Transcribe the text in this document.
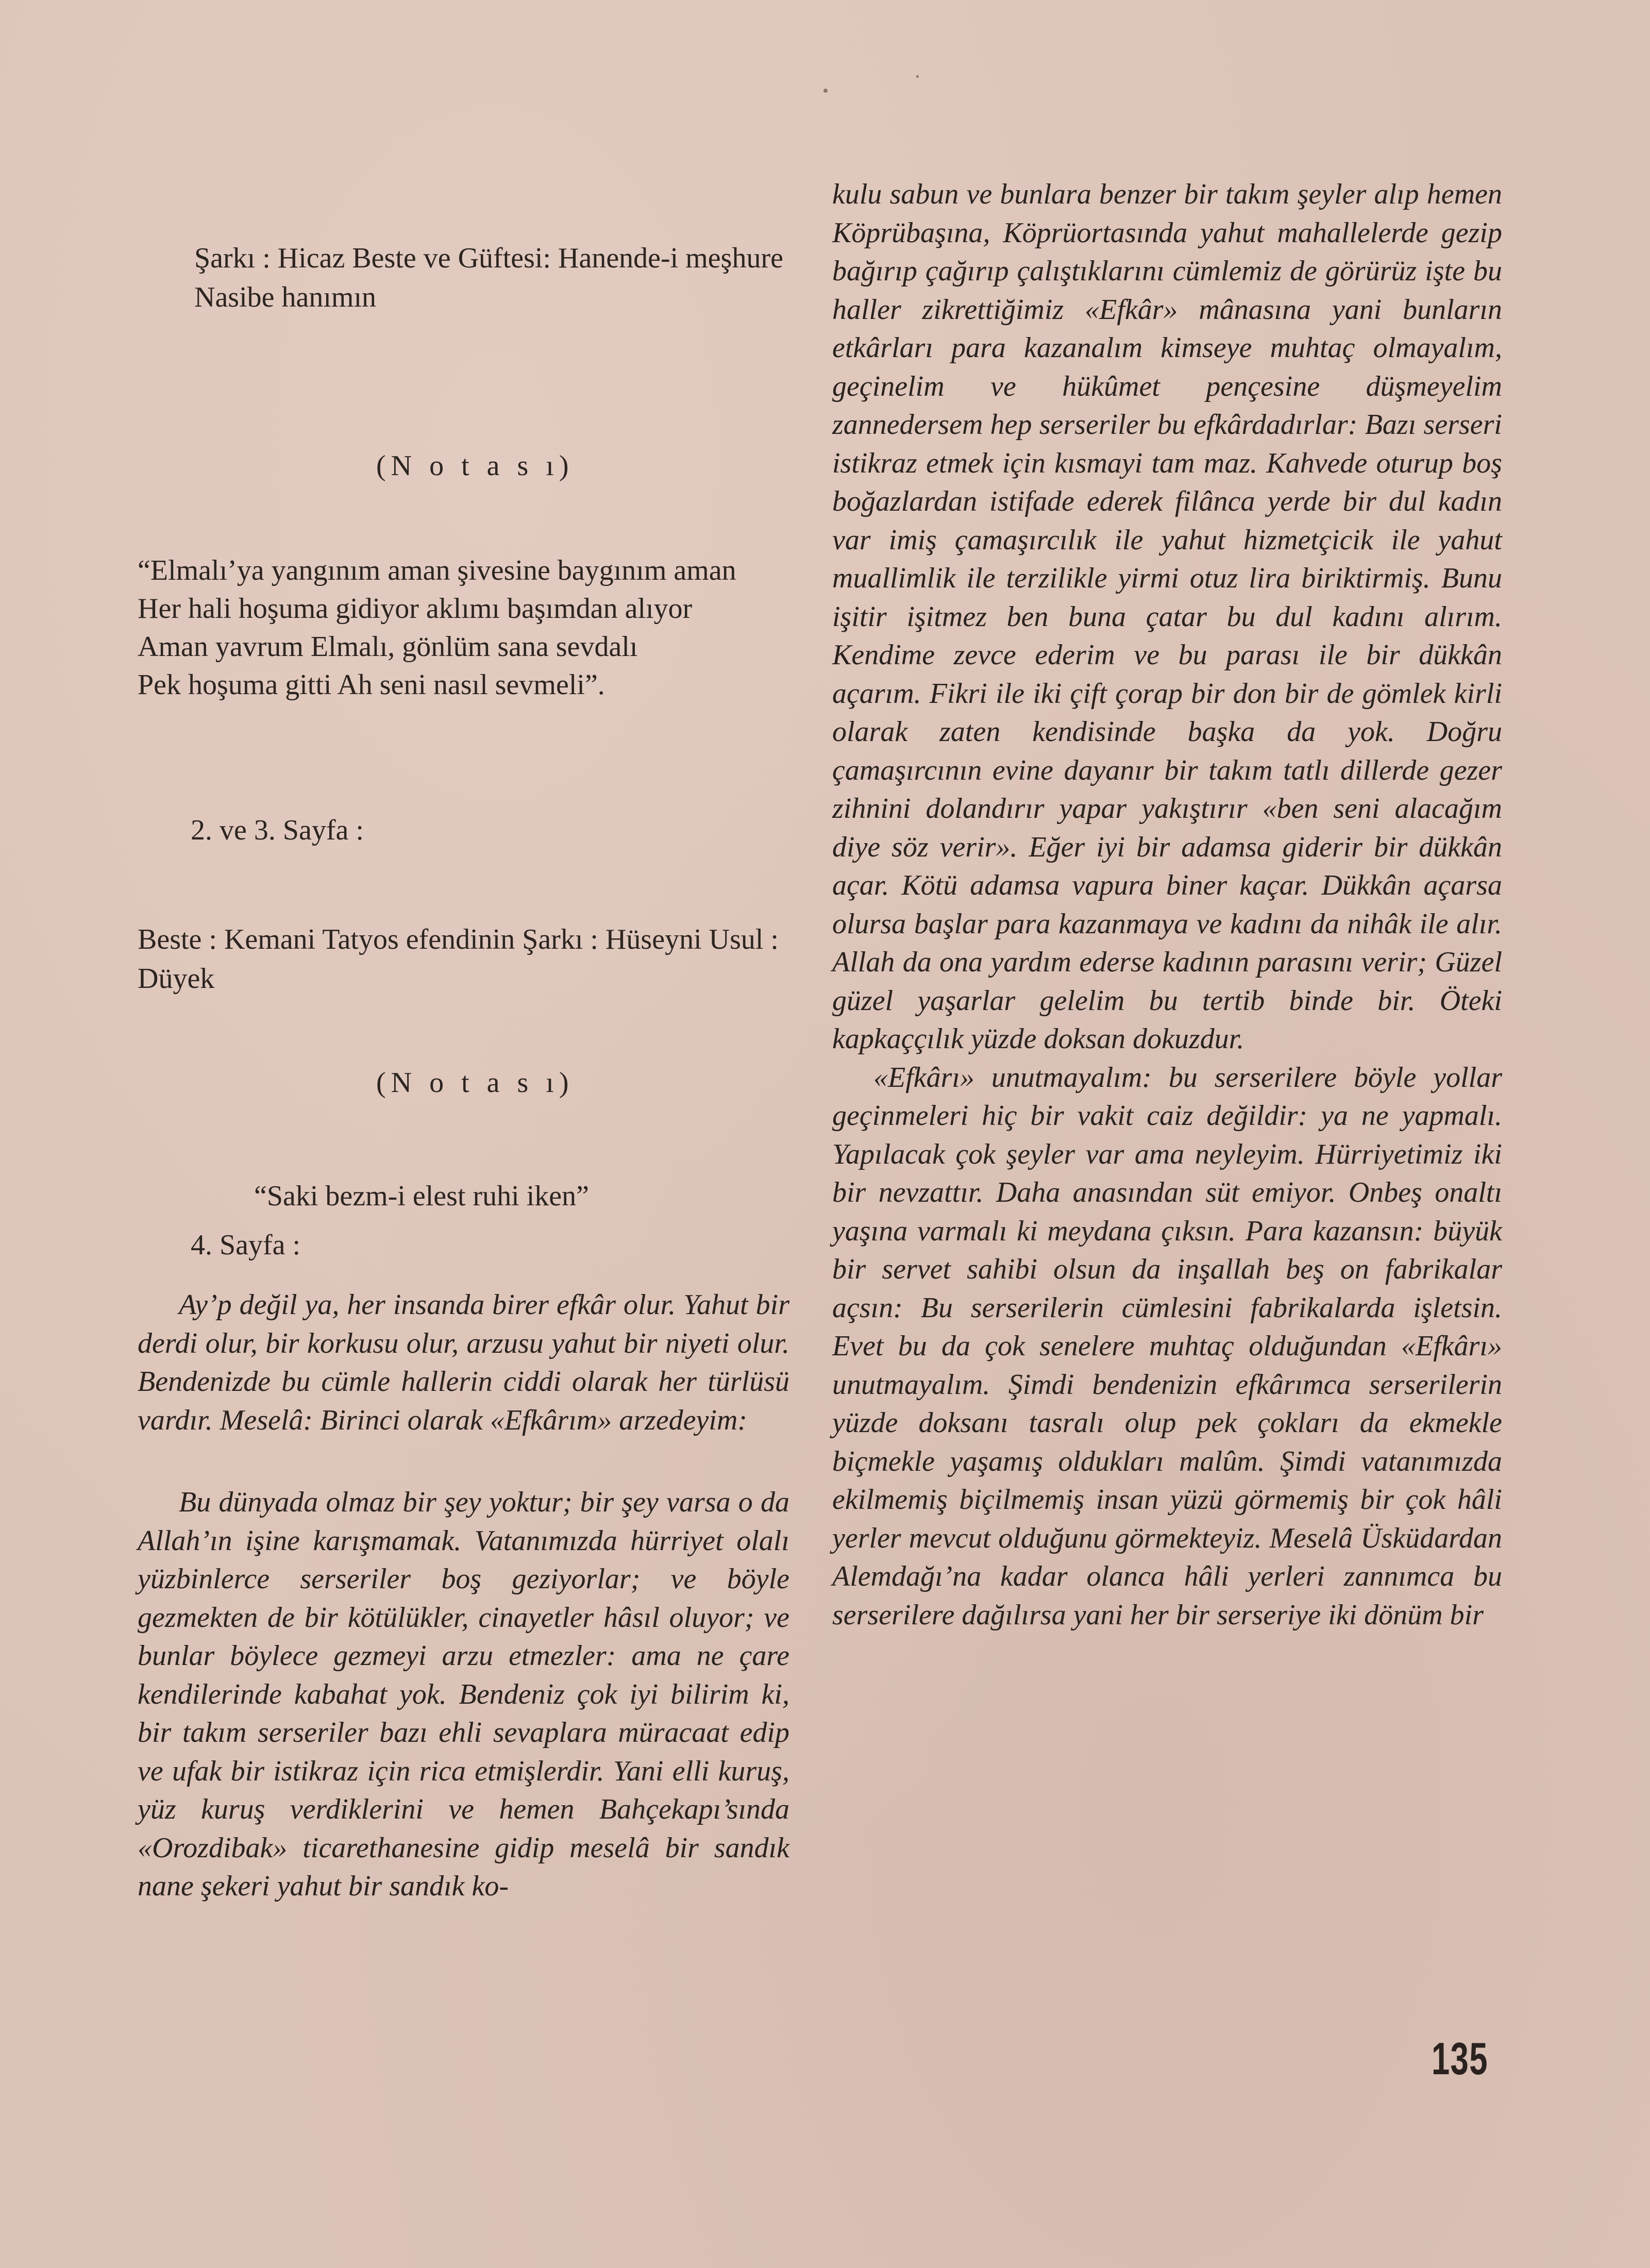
Şarkı : Hicaz Beste ve Güftesi: Hanende-i meşhure Nasibe hanımın

(N o t a s ı)

“Elmalı’ya yangınım aman şivesine baygınım aman
Her hali hoşuma gidiyor aklımı başımdan alıyor
Aman yavrum Elmalı, gönlüm sana sevdalı
Pek hoşuma gitti Ah seni nasıl sevmeli”.

2. ve 3. Sayfa :

Beste : Kemani Tatyos efendinin Şarkı : Hüseyni Usul : Düyek

(N o t a s ı)

“Saki bezm-i elest ruhi iken”

4. Sayfa :

Ay’p değil ya, her insanda birer efkâr olur. Yahut bir derdi olur, bir korkusu olur, arzusu yahut bir niyeti olur. Bendenizde bu cümle hallerin ciddi olarak her türlüsü vardır. Meselâ: Birinci olarak «Efkârım» arzedeyim:

Bu dünyada olmaz bir şey yoktur; bir şey varsa o da Allah’ın işine karışmamak. Vatanımızda hürriyet olalı yüzbinlerce serseriler boş geziyorlar; ve böyle gezmekten de bir kötülükler, cinayetler hâsıl oluyor; ve bunlar böylece gezmeyi arzu etmezler: ama ne çare kendilerinde kabahat yok. Bendeniz çok iyi bilirim ki, bir takım serseriler bazı ehli sevaplara müracaat edip ve ufak bir istikraz için rica etmişlerdir. Yani elli kuruş, yüz kuruş verdiklerini ve hemen Bahçekapı’sında «Orozdibak» ticarethanesine gidip meselâ bir sandık nane şekeri yahut bir sandık ko-

kulu sabun ve bunlara benzer bir takım şeyler alıp hemen Köprübaşına, Köprüortasında yahut mahallelerde gezip bağırıp çağırıp çalıştıklarını cümlemiz de görürüz işte bu haller zikrettiğimiz «Efkâr» mânasına yani bunların etkârları para kazanalım kimseye muhtaç olmayalım, geçinelim ve hükûmet pençesine düşmeyelim zannedersem hep serseriler bu efkârdadırlar: Bazı serseri istikraz etmek için kısmayi tam maz. Kahvede oturup boş boğazlardan istifade ederek filânca yerde bir dul kadın var imiş çamaşırcılık ile yahut hizmetçicik ile yahut muallimlik ile terzilikle yirmi otuz lira biriktirmiş. Bunu işitir işitmez ben buna çatar bu dul kadını alırım. Kendime zevce ederim ve bu parası ile bir dükkân açarım. Fikri ile iki çift çorap bir don bir de gömlek kirli olarak zaten kendisinde başka da yok. Doğru çamaşırcının evine dayanır bir takım tatlı dillerde gezer zihnini dolandırır yapar yakıştırır «ben seni alacağım diye söz verir». Eğer iyi bir adamsa giderir bir dükkân açar. Kötü adamsa vapura biner kaçar. Dükkân açarsa olursa başlar para kazanmaya ve kadını da nihâk ile alır. Allah da ona yardım ederse kadının parasını verir; Güzel güzel yaşarlar gelelim bu tertib binde bir. Öteki kapkaççılık yüzde doksan dokuzdur.

«Efkârı» unutmayalım: bu serserilere böyle yollar geçinmeleri hiç bir vakit caiz değildir: ya ne yapmalı. Yapılacak çok şeyler var ama neyleyim. Hürriyetimiz iki bir nevzattır. Daha anasından süt emiyor. Onbeş onaltı yaşına varmalı ki meydana çıksın. Para kazansın: büyük bir servet sahibi olsun da inşallah beş on fabrikalar açsın: Bu serserilerin cümlesini fabrikalarda işletsin. Evet bu da çok senelere muhtaç olduğundan «Efkârı» unutmayalım. Şimdi bendenizin efkârımca serserilerin yüzde doksanı tasralı olup pek çokları da ekmekle biçmekle yaşamış oldukları malûm. Şimdi vatanımızda ekilmemiş biçilmemiş insan yüzü görmemiş bir çok hâli yerler mevcut olduğunu görmekteyiz. Meselâ Üsküdardan Alemdağı’na kadar olanca hâli yerleri zannımca bu serserilere dağılırsa yani her bir serseriye iki dönüm bir

135
